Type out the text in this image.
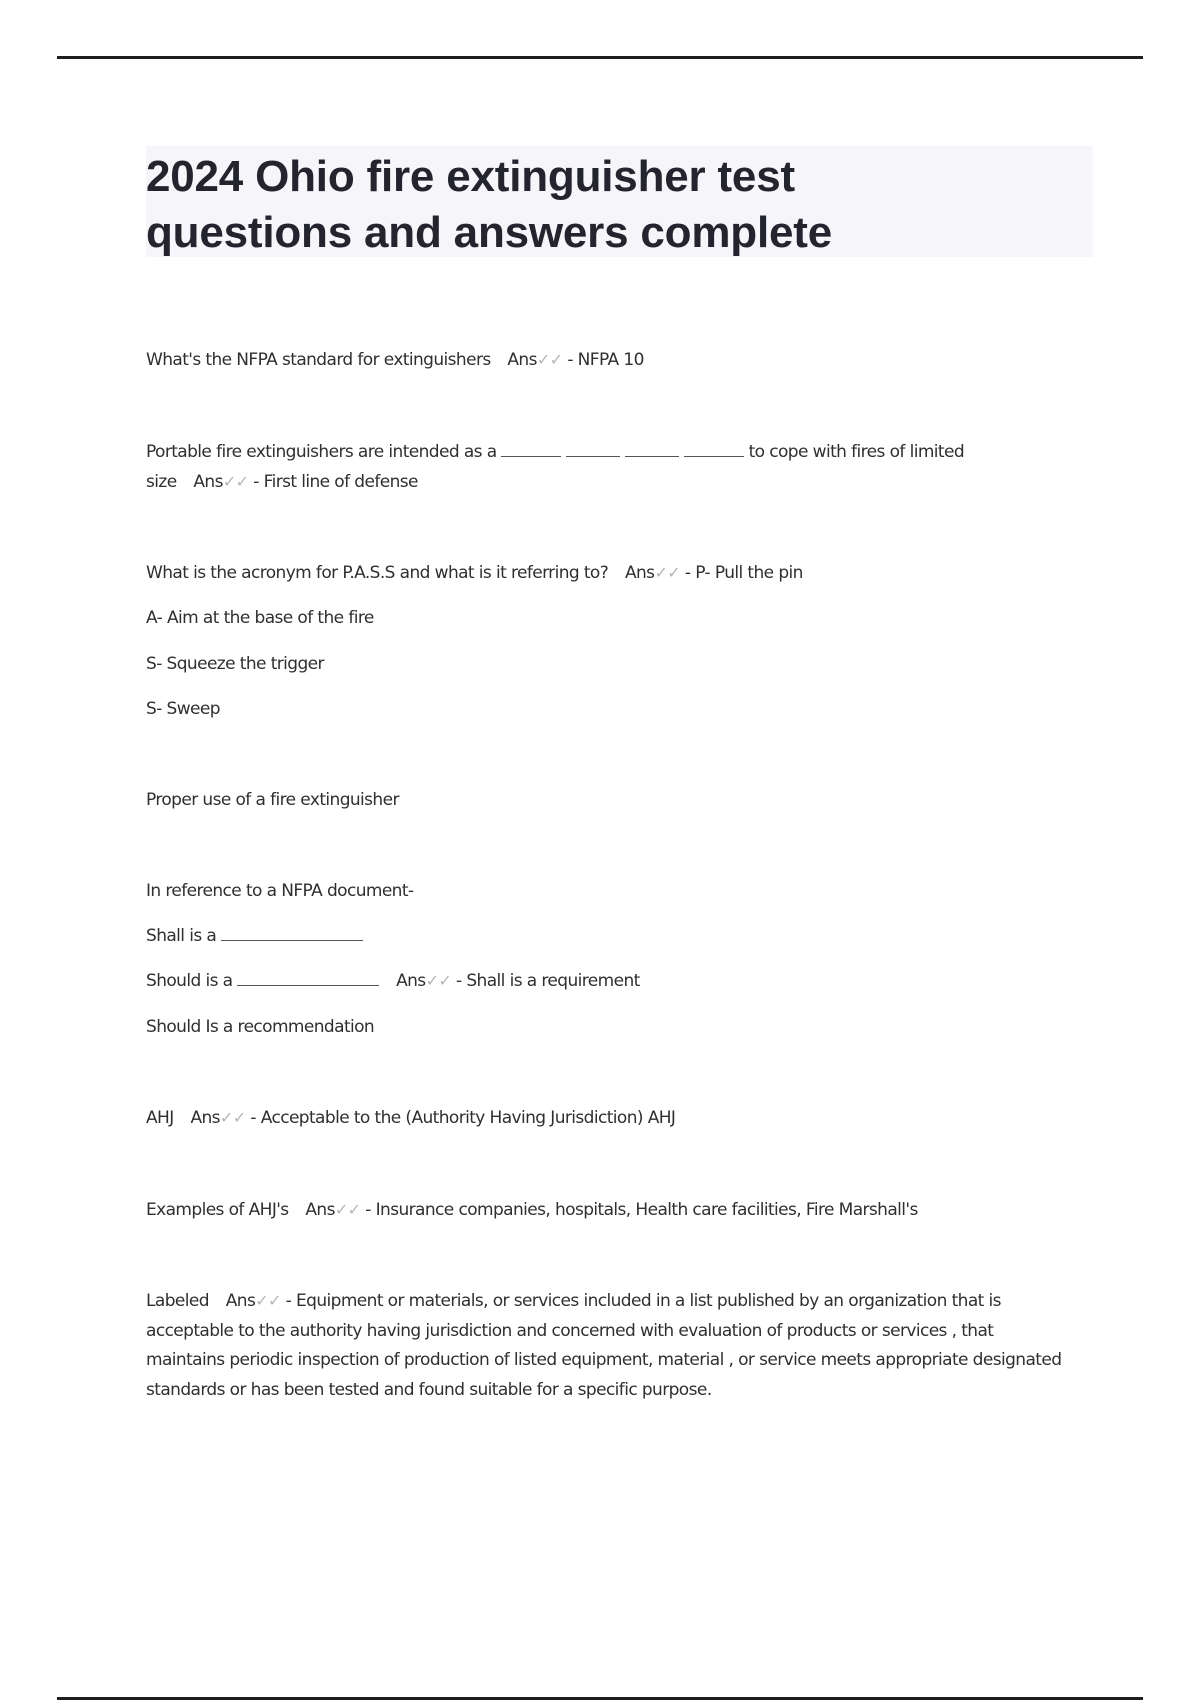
2024 Ohio fire extinguisher test
questions and answers complete
What's the NFPA standard for extinguishers Ans✓✓ - NFPA 10
Portable fire extinguishers are intended as a	to cope with fires of limited
size Ans✓✓ - First line of defense
What is the acronym for P.A.S.S and what is it referring to? Ans✓✓ - P- Pull the pin
A- Aim at the base of the fire
S- Squeeze the trigger
S- Sweep
Proper use of a fire extinguisher
In reference to a NFPA document-
Shall is a
Should is a	Ans✓✓ - Shall is a requirement
Should Is a recommendation
AHJ Ans✓✓ - Acceptable to the (Authority Having Jurisdiction) AHJ
Examples of AHJ's Ans✓✓ - Insurance companies, hospitals, Health care facilities, Fire Marshall's
Labeled Ans✓✓ - Equipment or materials, or services included in a list published by an organization that is acceptable to the authority having jurisdiction and concerned with evaluation of products or services , that maintains periodic inspection of production of listed equipment, material , or service meets appropriate designated standards or has been tested and found suitable for a specific purpose.
